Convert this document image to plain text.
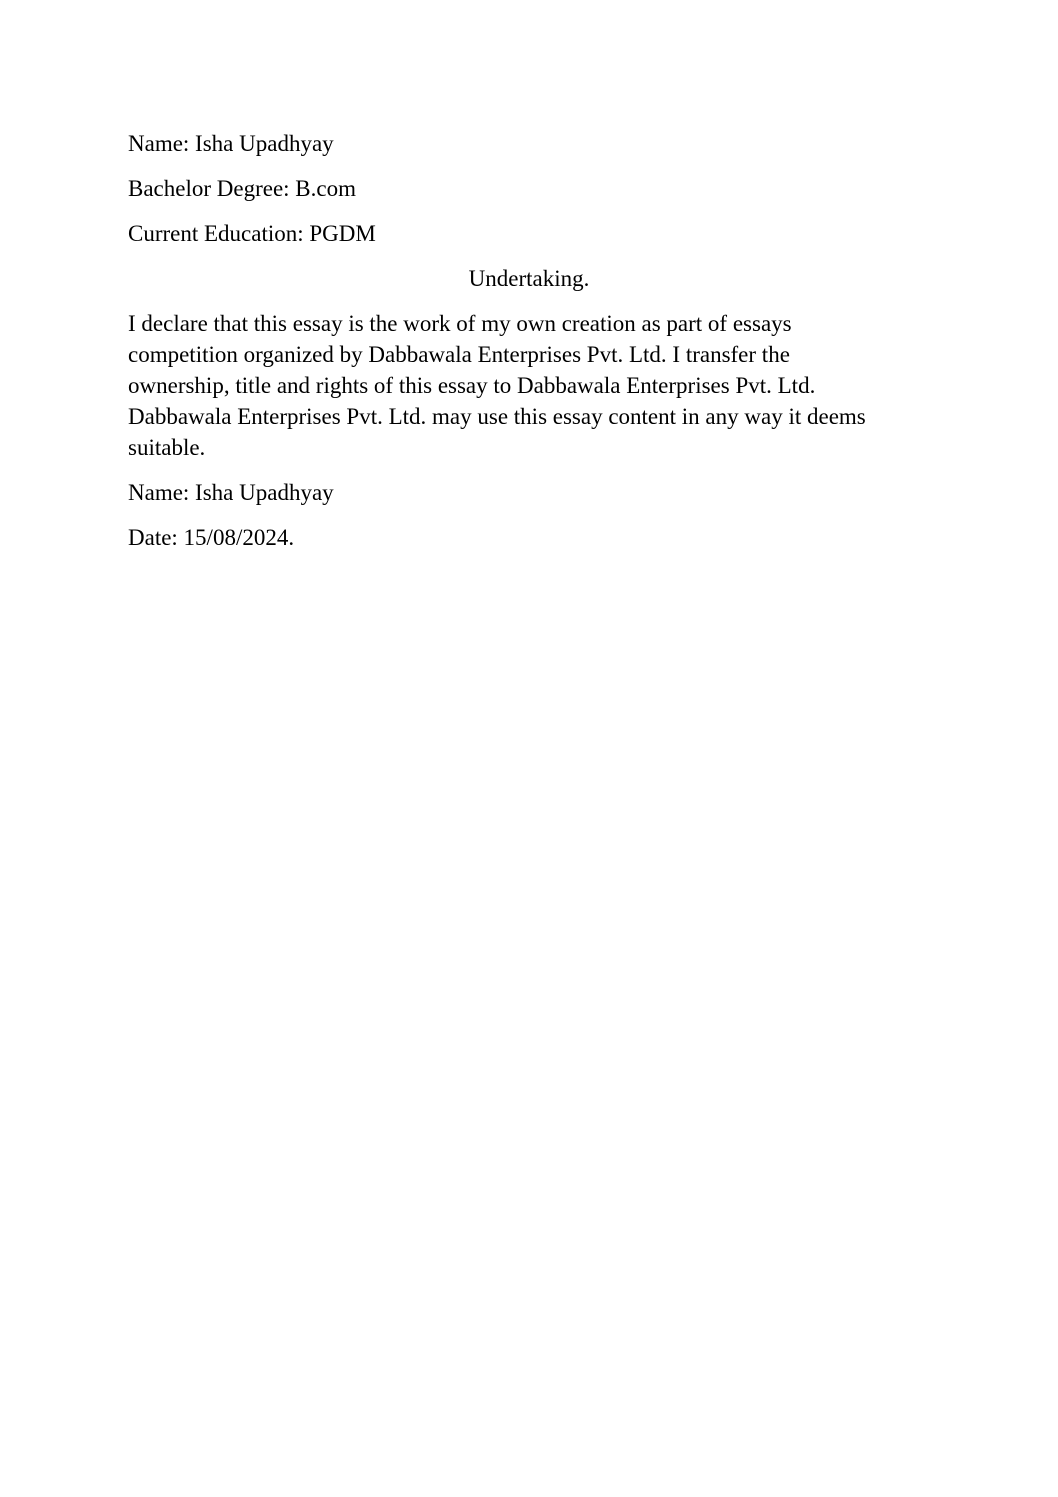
Name: Isha Upadhyay

Bachelor Degree: B.com

Current Education: PGDM

Undertaking.

I declare that this essay is the work of my own creation as part of essays
competition organized by Dabbawala Enterprises Pvt. Ltd. I transfer the
ownership, title and rights of this essay to Dabbawala Enterprises Pvt. Ltd.
Dabbawala Enterprises Pvt. Ltd. may use this essay content in any way it deems
suitable.

Name: Isha Upadhyay

Date: 15/08/2024.
